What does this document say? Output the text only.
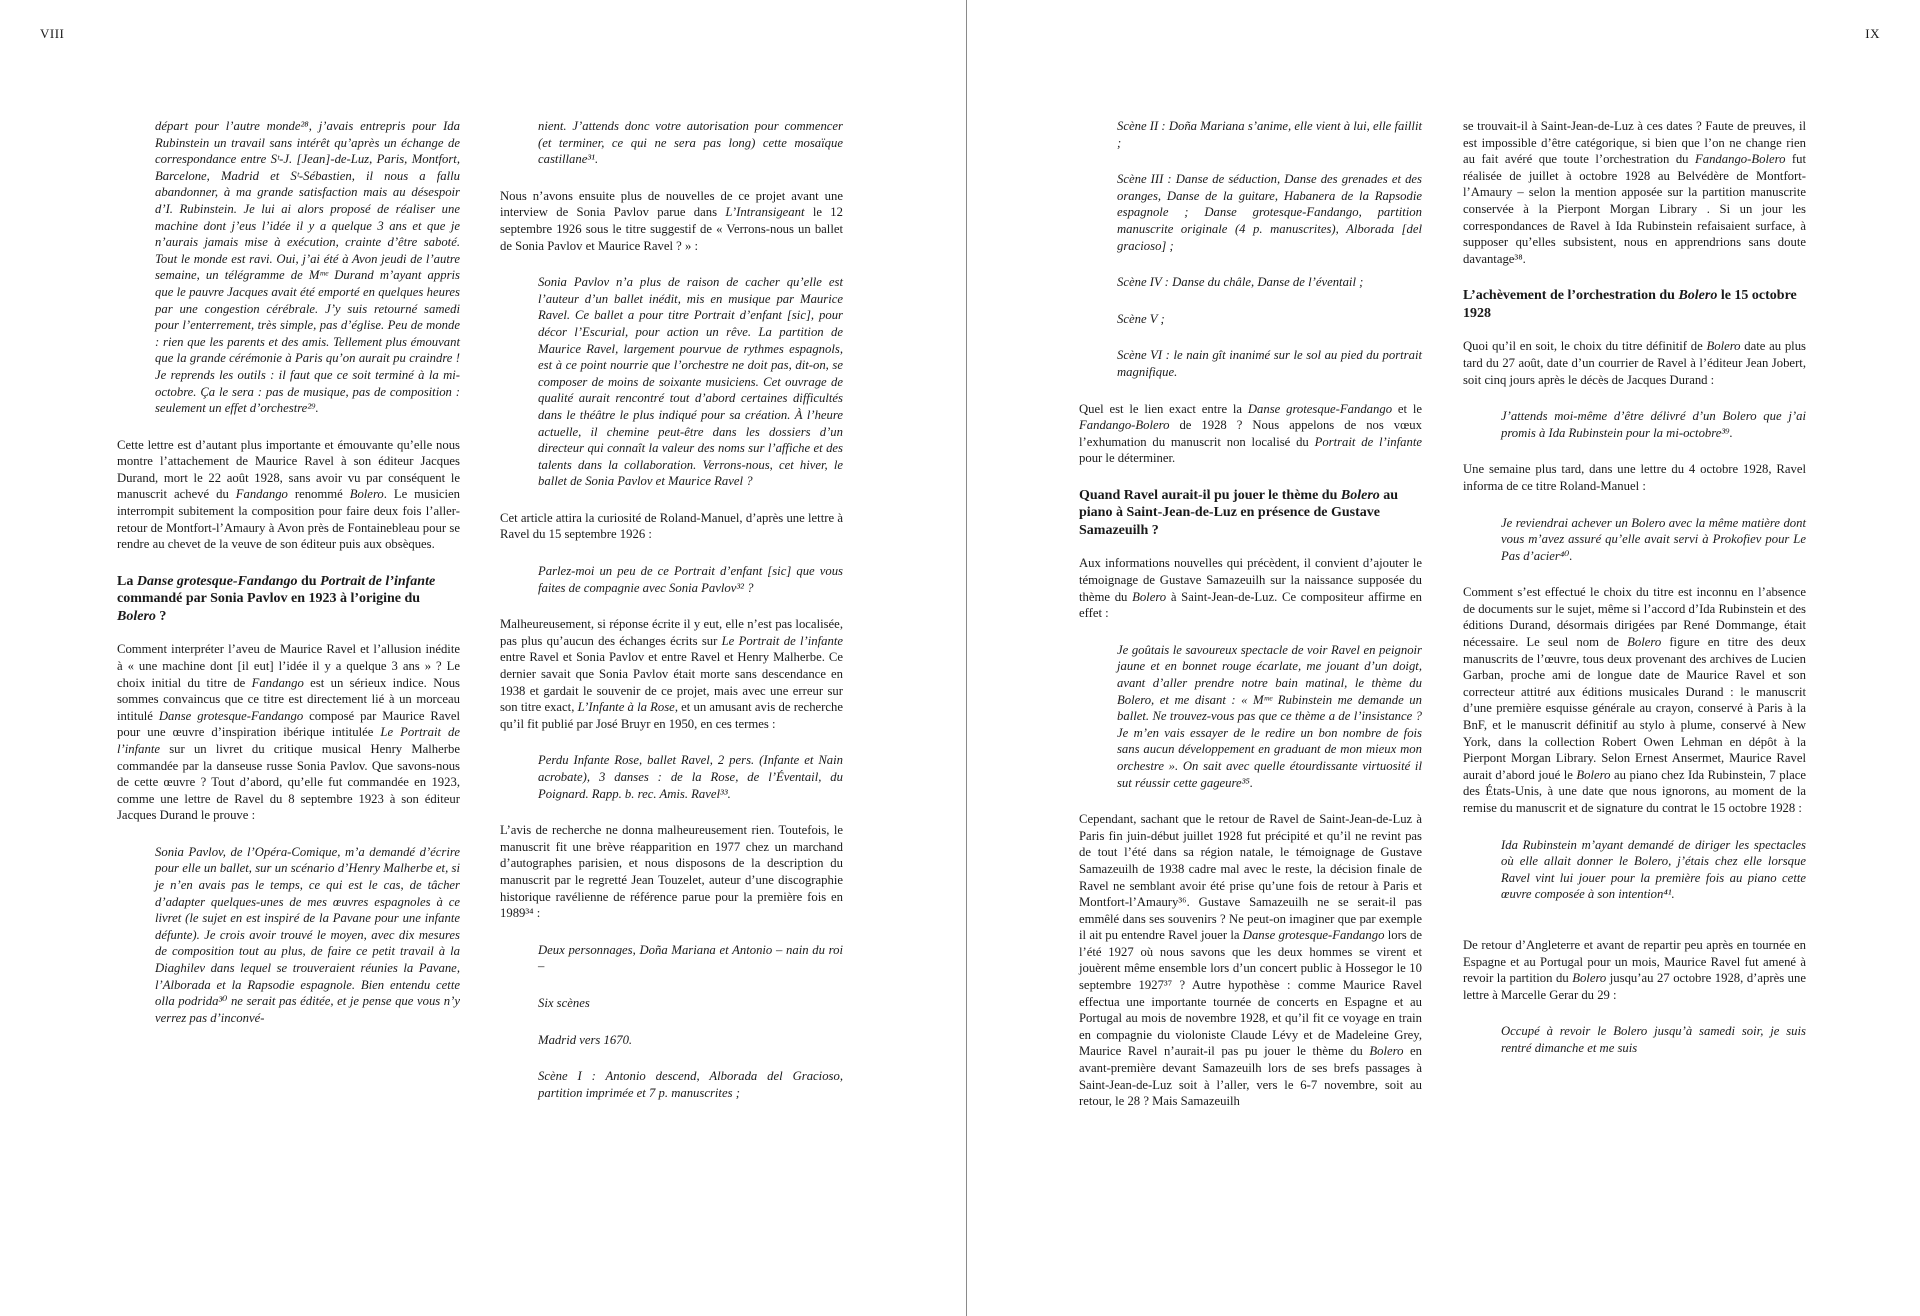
VIII	IX
départ pour l’autre monde²⁸, j’avais entrepris pour Ida Rubinstein un travail sans intérêt qu’après un échange de correspondance entre Sᵗ-J. [Jean]-de-Luz, Paris, Montfort, Barcelone, Madrid et Sᵗ-Sébastien, il nous a fallu abandonner, à ma grande satisfaction mais au désespoir d’I. Rubinstein. Je lui ai alors proposé de réaliser une machine dont j’eus l’idée il y a quelque 3 ans et que je n’aurais jamais mise à exécution, crainte d’être saboté. Tout le monde est ravi. Oui, j’ai été à Avon jeudi de l’autre semaine, un télégramme de Mᵐᵉ Durand m’ayant appris que le pauvre Jacques avait été emporté en quelques heures par une congestion cérébrale. J’y suis retourné samedi pour l’enterrement, très simple, pas d’église. Peu de monde : rien que les parents et des amis. Tellement plus émouvant que la grande cérémonie à Paris qu’on aurait pu craindre ! Je reprends les outils : il faut que ce soit terminé à la mi-octobre. Ça le sera : pas de musique, pas de composition : seulement un effet d’orchestre²⁹.
Cette lettre est d’autant plus importante et émouvante qu’elle nous montre l’attachement de Maurice Ravel à son éditeur Jacques Durand, mort le 22 août 1928, sans avoir vu par conséquent le manuscrit achevé du Fandango renommé Bolero. Le musicien interrompit subitement la composition pour faire deux fois l’aller-retour de Montfort-l’Amaury à Avon près de Fontainebleau pour se rendre au chevet de la veuve de son éditeur puis aux obsèques.
La Danse grotesque-Fandango du Portrait de l’infante commandé par Sonia Pavlov en 1923 à l’origine du Bolero ?
Comment interpréter l’aveu de Maurice Ravel et l’allusion inédite à « une machine dont [il eut] l’idée il y a quelque 3 ans » ? Le choix initial du titre de Fandango est un sérieux indice. Nous sommes convaincus que ce titre est directement lié à un morceau intitulé Danse grotesque-Fandango composé par Maurice Ravel pour une œuvre d’inspiration ibérique intitulée Le Portrait de l’infante sur un livret du critique musical Henry Malherbe commandée par la danseuse russe Sonia Pavlov. Que savons-nous de cette œuvre ? Tout d’abord, qu’elle fut commandée en 1923, comme une lettre de Ravel du 8 septembre 1923 à son éditeur Jacques Durand le prouve :
Sonia Pavlov, de l’Opéra-Comique, m’a demandé d’écrire pour elle un ballet, sur un scénario d’Henry Malherbe et, si je n’en avais pas le temps, ce qui est le cas, de tâcher d’adapter quelques-unes de mes œuvres espagnoles à ce livret (le sujet en est inspiré de la Pavane pour une infante défunte). Je crois avoir trouvé le moyen, avec dix mesures de composition tout au plus, de faire ce petit travail à la Diaghilev dans lequel se trouveraient réunies la Pavane, l’Alborada et la Rapsodie espagnole. Bien entendu cette olla podrida³⁰ ne serait pas éditée, et je pense que vous n’y verrez pas d’inconvé-
nient. J’attends donc votre autorisation pour commencer (et terminer, ce qui ne sera pas long) cette mosaïque castillane³¹.
Nous n’avons ensuite plus de nouvelles de ce projet avant une interview de Sonia Pavlov parue dans L’Intransigeant le 12 septembre 1926 sous le titre suggestif de « Verrons-nous un ballet de Sonia Pavlov et Maurice Ravel ? » :
Sonia Pavlov n’a plus de raison de cacher qu’elle est l’auteur d’un ballet inédit, mis en musique par Maurice Ravel. Ce ballet a pour titre Portrait d’enfant [sic], pour décor l’Escurial, pour action un rêve. La partition de Maurice Ravel, largement pourvue de rythmes espagnols, est à ce point nourrie que l’orchestre ne doit pas, dit-on, se composer de moins de soixante musiciens. Cet ouvrage de qualité aurait rencontré tout d’abord certaines difficultés dans le théâtre le plus indiqué pour sa création. À l’heure actuelle, il chemine peut-être dans les dossiers d’un directeur qui connaît la valeur des noms sur l’affiche et des talents dans la collaboration. Verrons-nous, cet hiver, le ballet de Sonia Pavlov et Maurice Ravel ?
Cet article attira la curiosité de Roland-Manuel, d’après une lettre à Ravel du 15 septembre 1926 :
Parlez-moi un peu de ce Portrait d’enfant [sic] que vous faites de compagnie avec Sonia Pavlov³² ?
Malheureusement, si réponse écrite il y eut, elle n’est pas localisée, pas plus qu’aucun des échanges écrits sur Le Portrait de l’infante entre Ravel et Sonia Pavlov et entre Ravel et Henry Malherbe. Ce dernier savait que Sonia Pavlov était morte sans descendance en 1938 et gardait le souvenir de ce projet, mais avec une erreur sur son titre exact, L’Infante à la Rose, et un amusant avis de recherche qu’il fit publié par José Bruyr en 1950, en ces termes :
Perdu Infante Rose, ballet Ravel, 2 pers. (Infante et Nain acrobate), 3 danses : de la Rose, de l’Éventail, du Poignard. Rapp. b. rec. Amis. Ravel³³.
L’avis de recherche ne donna malheureusement rien. Toutefois, le manuscrit fit une brève réapparition en 1977 chez un marchand d’autographes parisien, et nous disposons de la description du manuscrit par le regretté Jean Touzelet, auteur d’une discographie historique ravélienne de référence parue pour la première fois en 1989³⁴ :
Deux personnages, Doña Mariana et Antonio – nain du roi –
Six scènes
Madrid vers 1670.
Scène I : Antonio descend, Alborada del Gracioso, partition imprimée et 7 p. manuscrites ;
Scène II : Doña Mariana s’anime, elle vient à lui, elle faillit ;
Scène III : Danse de séduction, Danse des grenades et des oranges, Danse de la guitare, Habanera de la Rapsodie espagnole ; Danse grotesque-Fandango, partition manuscrite originale (4 p. manuscrites), Alborada [del gracioso] ;
Scène IV : Danse du châle, Danse de l’éventail ;
Scène V ;
Scène VI : le nain gît inanimé sur le sol au pied du portrait magnifique.
Quel est le lien exact entre la Danse grotesque-Fandango et le Fandango-Bolero de 1928 ? Nous appelons de nos vœux l’exhumation du manuscrit non localisé du Portrait de l’infante pour le déterminer.
Quand Ravel aurait-il pu jouer le thème du Bolero au piano à Saint-Jean-de-Luz en présence de Gustave Samazeuilh ?
Aux informations nouvelles qui précèdent, il convient d’ajouter le témoignage de Gustave Samazeuilh sur la naissance supposée du thème du Bolero à Saint-Jean-de-Luz. Ce compositeur affirme en effet :
Je goûtais le savoureux spectacle de voir Ravel en peignoir jaune et en bonnet rouge écarlate, me jouant d’un doigt, avant d’aller prendre notre bain matinal, le thème du Bolero, et me disant : « Mᵐᵉ Rubinstein me demande un ballet. Ne trouvez-vous pas que ce thème a de l’insistance ? Je m’en vais essayer de le redire un bon nombre de fois sans aucun développement en graduant de mon mieux mon orchestre ». On sait avec quelle étourdissante virtuosité il sut réussir cette gageure³⁵.
Cependant, sachant que le retour de Ravel de Saint-Jean-de-Luz à Paris fin juin-début juillet 1928 fut précipité et qu’il ne revint pas de tout l’été dans sa région natale, le témoignage de Gustave Samazeuilh de 1938 cadre mal avec le reste, la décision finale de Ravel ne semblant avoir été prise qu’une fois de retour à Paris et Montfort-l’Amaury³⁶. Gustave Samazeuilh ne se serait-il pas emmêlé dans ses souvenirs ? Ne peut-on imaginer que par exemple il ait pu entendre Ravel jouer la Danse grotesque-Fandango lors de l’été 1927 où nous savons que les deux hommes se virent et jouèrent même ensemble lors d’un concert public à Hossegor le 10 septembre 1927³⁷ ? Autre hypothèse : comme Maurice Ravel effectua une importante tournée de concerts en Espagne et au Portugal au mois de novembre 1928, et qu’il fit ce voyage en train en compagnie du violoniste Claude Lévy et de Madeleine Grey, Maurice Ravel n’aurait-il pas pu jouer le thème du Bolero en avant-première devant Samazeuilh lors de ses brefs passages à Saint-Jean-de-Luz soit à l’aller, vers le 6-7 novembre, soit au retour, le 28 ? Mais Samazeuilh
se trouvait-il à Saint-Jean-de-Luz à ces dates ? Faute de preuves, il est impossible d’être catégorique, si bien que l’on ne change rien au fait avéré que toute l’orchestration du Fandango-Bolero fut réalisée de juillet à octobre 1928 au Belvédère de Montfort-l’Amaury – selon la mention apposée sur la partition manuscrite conservée à la Pierpont Morgan Library . Si un jour les correspondances de Ravel à Ida Rubinstein refaisaient surface, à supposer qu’elles subsistent, nous en apprendrions sans doute davantage³⁸.
L’achèvement de l’orchestration du Bolero le 15 octobre 1928
Quoi qu’il en soit, le choix du titre définitif de Bolero date au plus tard du 27 août, date d’un courrier de Ravel à l’éditeur Jean Jobert, soit cinq jours après le décès de Jacques Durand :
J’attends moi-même d’être délivré d’un Bolero que j’ai promis à Ida Rubinstein pour la mi-octobre³⁹.
Une semaine plus tard, dans une lettre du 4 octobre 1928, Ravel informa de ce titre Roland-Manuel :
Je reviendrai achever un Bolero avec la même matière dont vous m’avez assuré qu’elle avait servi à Prokofiev pour Le Pas d’acier⁴⁰.
Comment s’est effectué le choix du titre est inconnu en l’absence de documents sur le sujet, même si l’accord d’Ida Rubinstein et des éditions Durand, désormais dirigées par René Dommange, était nécessaire. Le seul nom de Bolero figure en titre des deux manuscrits de l’œuvre, tous deux provenant des archives de Lucien Garban, proche ami de longue date de Maurice Ravel et son correcteur attitré aux éditions musicales Durand : le manuscrit d’une première esquisse générale au crayon, conservé à Paris à la BnF, et le manuscrit définitif au stylo à plume, conservé à New York, dans la collection Robert Owen Lehman en dépôt à la Pierpont Morgan Library. Selon Ernest Ansermet, Maurice Ravel aurait d’abord joué le Bolero au piano chez Ida Rubinstein, 7 place des États-Unis, à une date que nous ignorons, au moment de la remise du manuscrit et de signature du contrat le 15 octobre 1928 :
Ida Rubinstein m’ayant demandé de diriger les spectacles où elle allait donner le Bolero, j’étais chez elle lorsque Ravel vint lui jouer pour la première fois au piano cette œuvre composée à son intention⁴¹.
De retour d’Angleterre et avant de repartir peu après en tournée en Espagne et au Portugal pour un mois, Maurice Ravel fut amené à revoir la partition du Bolero jusqu’au 27 octobre 1928, d’après une lettre à Marcelle Gerar du 29 :
Occupé à revoir le Bolero jusqu’à samedi soir, je suis rentré dimanche et me suis
